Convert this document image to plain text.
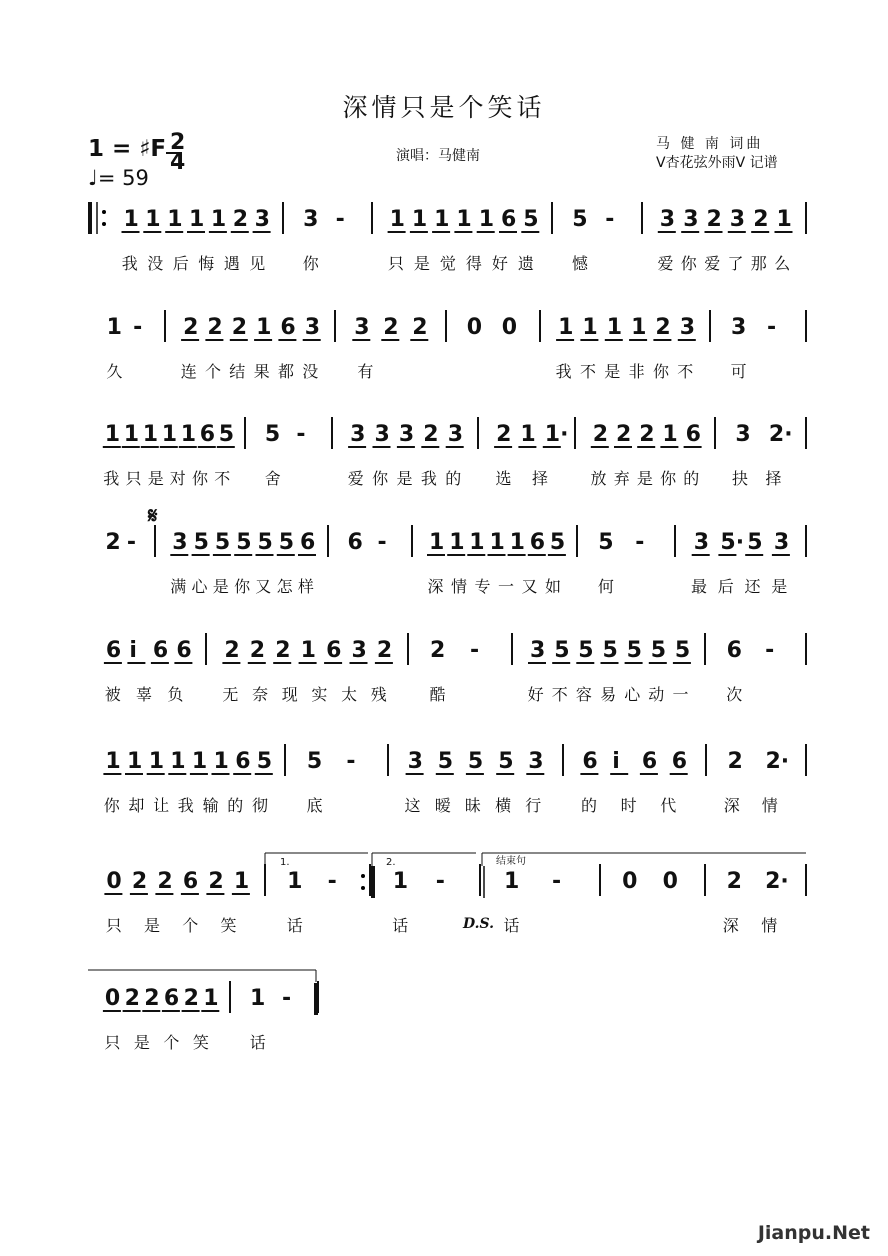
深情只是个笑话
1 = ♯F
♩= 59
演唱：马健南
马 健 南 词曲
V杏花弦外雨V 记谱
Jianpu.Net
2
4
1 1 1 1 1 2 3
我 没 后 悔 遇 见
3 -
你
1 1 1 1 1 6 5
只 是 觉 得 好 遗
5 -
憾
3 3 2 3 2 1
爱 你 爱 了 那 么
1 -
久
2 2 2 1 6 3
连 个 结 果 都 没
3 2 2
有
0 0 1 1 1 1 2 3
我 不 是 非 你 不
3 -
可
1 1 1 1 1 6 5
我 只 是 对 你 不
5 -
舍
3 3 3 2 3
爱 你 是 我 的
2 1 1·
选 择
2 2 2 1 6
放 弃 是 你 的
3 2·
抉 择
2 - 3 5 5 5 5 5 6
满 心 是 你 又 怎 样
6 - 1 1 1 1 1 6 5
深 情 专 一 又 如
5 -
何
3 5· 5 3
最 后 还 是
6 i 6 6
被 辜 负
2 2 2 1 6 3 2
无 奈 现 实 太 残
2 -
酷
3 5 5 5 5 5 5
好 不 容 易 心 动 一
6 -
次
1 1 1 1 1 1 6 5
你 却 让 我 输 的 彻
5 -
底
3 5 5 5 3
这 暧 昧 横 行
6 i 6 6
的 时 代
2 2·
深 情
0 2 2 6 2 1
只 是 个 笑
1 -
话
1 -
话
1 -
话
0 0 2 2·
深 情
0 2 2 6 2 1
只 是 个 笑
1 -
话
𝄋
1.	2.	结束句
D.S.
